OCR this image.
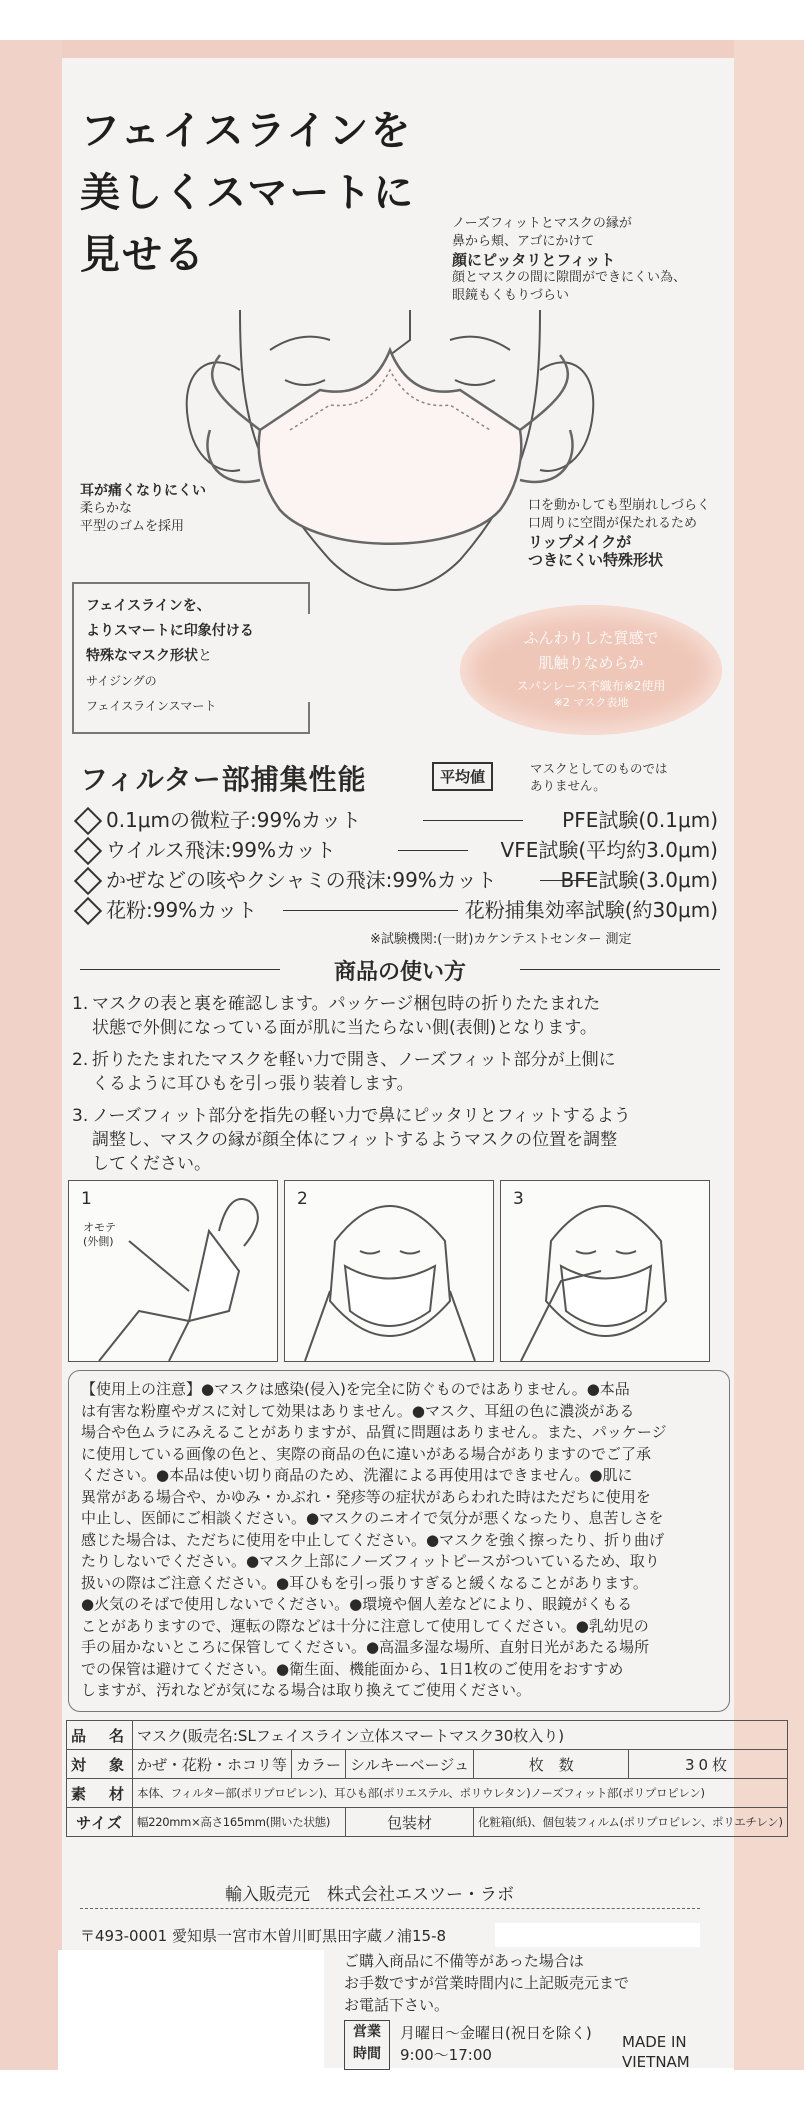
フェイスラインを
美しくスマートに
見せる
ノーズフィットとマスクの縁が
鼻から頬、アゴにかけて
顔にピッタリとフィット
顔とマスクの間に隙間ができにくい為、
眼鏡もくもりづらい
耳が痛くなりにくい
柔らかな
平型のゴムを採用
口を動かしても型崩れしづらく
口周りに空間が保たれるため
リップメイクが
つきにくい特殊形状
フェイスラインを、
よりスマートに印象付ける
特殊なマスク形状と
サイジングの
フェイスラインスマート
ふんわりした質感で
肌触りなめらか
スパンレース不織布※2使用
※2 マスク表地
フィルター部捕集性能	平均値	マスクとしてのものでは
ありません。
0.1μmの微粒子:99%カット	PFE試験(0.1μm)
ウイルス飛沫:99%カット	VFE試験(平均約3.0μm)
かぜなどの咳やクシャミの飛沫:99%カット	BFE試験(3.0μm)
花粉:99%カット	花粉捕集効率試験(約30μm)
※試験機関:(一財)カケンテストセンター 測定
商品の使い方
1. マスクの表と裏を確認します。パッケージ梱包時の折りたたまれた
状態で外側になっている面が肌に当たらない側(表側)となります。
2. 折りたたまれたマスクを軽い力で開き、ノーズフィット部分が上側に
くるように耳ひもを引っ張り装着します。
3. ノーズフィット部分を指先の軽い力で鼻にピッタリとフィットするよう
調整し、マスクの縁が顔全体にフィットするようマスクの位置を調整
してください。
1
オモテ
(外側)
2	3

【使用上の注意】●マスクは感染(侵入)を完全に防ぐものではありません。●本品
は有害な粉塵やガスに対して効果はありません。●マスク、耳紐の色に濃淡がある
場合や色ムラにみえることがありますが、品質に問題はありません。また、パッケージ
に使用している画像の色と、実際の商品の色に違いがある場合がありますのでご了承
ください。●本品は使い切り商品のため、洗濯による再使用はできません。●肌に
異常がある場合や、かゆみ・かぶれ・発疹等の症状があらわれた時はただちに使用を
中止し、医師にご相談ください。●マスクのニオイで気分が悪くなったり、息苦しさを
感じた場合は、ただちに使用を中止してください。●マスクを強く擦ったり、折り曲げ
たりしないでください。●マスク上部にノーズフィットピースがついているため、取り
扱いの際はご注意ください。●耳ひもを引っ張りすぎると緩くなることがあります。
●火気のそばで使用しないでください。●環境や個人差などにより、眼鏡がくもる
ことがありますので、運転の際などは十分に注意して使用してください。●乳幼児の
手の届かないところに保管してください。●高温多湿な場所、直射日光があたる場所
での保管は避けてください。●衛生面、機能面から、1日1枚のご使用をおすすめ
しますが、汚れなどが気になる場合は取り換えてご使用ください。

品　名	マスク(販売名:SLフェイスライン立体スマートマスク30枚入り)				
対　象	かぜ・花粉・ホコリ等	カラー	シルキーベージュ	枚　数	30枚
素　材	本体、フィルター部(ポリプロピレン)、耳ひも部(ポリエステル、ポリウレタン)ノーズフィット部(ポリプロピレン)				
サイズ	幅220mm×高さ165mm(開いた状態)		包装材	化粧箱(紙)、個包装フィルム(ポリプロピレン、ポリエチレン)	
輸入販売元　株式会社エスツー・ラボ
〒493-0001 愛知県一宮市木曽川町黒田字蔵ノ浦15-8
ご購入商品に不備等があった場合は
お手数ですが営業時間内に上記販売元まで
お電話下さい。
営業
時間
月曜日～金曜日(祝日を除く)
9:00～17:00
MADE IN
VIETNAM
